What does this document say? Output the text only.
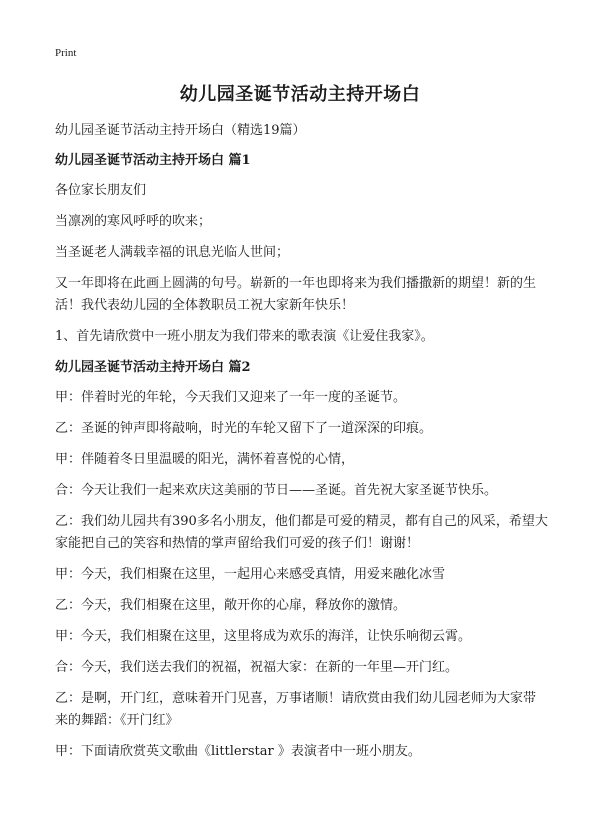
Print
幼儿园圣诞节活动主持开场白

幼儿园圣诞节活动主持开场白（精选19篇）

幼儿园圣诞节活动主持开场白 篇1

各位家长朋友们

当凛冽的寒风呼呼的吹来；

当圣诞老人满载幸福的讯息光临人世间；

又一年即将在此画上圆满的句号。崭新的一年也即将来为我们播撒新的期望！新的生活！我代表幼儿园的全体教职员工祝大家新年快乐！

1、首先请欣赏中一班小朋友为我们带来的歌表演《让爱住我家》。

幼儿园圣诞节活动主持开场白 篇2

甲：伴着时光的年轮，今天我们又迎来了一年一度的圣诞节。

乙：圣诞的钟声即将敲响，时光的车轮又留下了一道深深的印痕。

甲：伴随着冬日里温暖的阳光，满怀着喜悦的心情，

合：今天让我们一起来欢庆这美丽的节日——圣诞。首先祝大家圣诞节快乐。

乙：我们幼儿园共有390多名小朋友，他们都是可爱的精灵，都有自己的风采，希望大家能把自己的笑容和热情的掌声留给我们可爱的孩子们！谢谢！

甲：今天，我们相聚在这里，一起用心来感受真情，用爱来融化冰雪

乙：今天，我们相聚在这里，敞开你的心扉，释放你的激情。

甲：今天，我们相聚在这里，这里将成为欢乐的海洋，让快乐响彻云霄。

合：今天，我们送去我们的祝福，祝福大家：在新的一年里—开门红。

乙：是啊，开门红，意味着开门见喜，万事诸顺！请欣赏由我们幼儿园老师为大家带来的舞蹈：《开门红》

甲：下面请欣赏英文歌曲《littlerstar 》表演者中一班小朋友。
